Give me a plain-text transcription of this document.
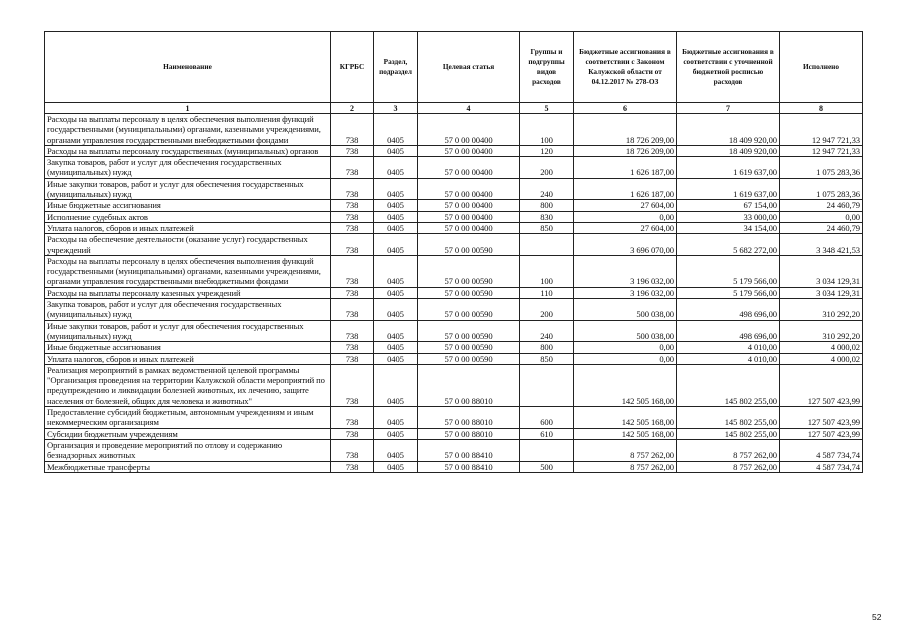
Наименование	КГРБС	Раздел, подраздел	Целевая статья	Группы и подгруппы видов расходов	Бюджетные ассигнования в соответствии с Законом Калужской области от 04.12.2017 № 278-ОЗ	Бюджетные ассигнования в соответствии с уточненной бюджетной росписью расходов	Исполнено
1	2	3	4	5	6	7	8
Расходы на выплаты персоналу в целях обеспечения выполнения функций государственными (муниципальными) органами, казенными учреждениями, органами управления государственными внебюджетными фондами	738	0405	57 0 00 00400	100	18 726 209,00	18 409 920,00	12 947 721,33
Расходы на выплаты персоналу государственных (муниципальных) органов	738	0405	57 0 00 00400	120	18 726 209,00	18 409 920,00	12 947 721,33
Закупка товаров, работ и услуг для обеспечения государственных (муниципальных) нужд	738	0405	57 0 00 00400	200	1 626 187,00	1 619 637,00	1 075 283,36
Иные закупки товаров, работ и услуг для обеспечения государственных (муниципальных) нужд	738	0405	57 0 00 00400	240	1 626 187,00	1 619 637,00	1 075 283,36
Иные бюджетные ассигнования	738	0405	57 0 00 00400	800	27 604,00	67 154,00	24 460,79
Исполнение судебных актов	738	0405	57 0 00 00400	830	0,00	33 000,00	0,00
Уплата налогов, сборов и иных платежей	738	0405	57 0 00 00400	850	27 604,00	34 154,00	24 460,79
Расходы на обеспечение деятельности (оказание услуг) государственных учреждений	738	0405	57 0 00 00590		3 696 070,00	5 682 272,00	3 348 421,53
Расходы на выплаты персоналу в целях обеспечения выполнения функций государственными (муниципальными) органами, казенными учреждениями, органами управления государственными внебюджетными фондами	738	0405	57 0 00 00590	100	3 196 032,00	5 179 566,00	3 034 129,31
Расходы на выплаты персоналу казенных учреждений	738	0405	57 0 00 00590	110	3 196 032,00	5 179 566,00	3 034 129,31
Закупка товаров, работ и услуг для обеспечения государственных (муниципальных) нужд	738	0405	57 0 00 00590	200	500 038,00	498 696,00	310 292,20
Иные закупки товаров, работ и услуг для обеспечения государственных (муниципальных) нужд	738	0405	57 0 00 00590	240	500 038,00	498 696,00	310 292,20
Иные бюджетные ассигнования	738	0405	57 0 00 00590	800	0,00	4 010,00	4 000,02
Уплата налогов, сборов и иных платежей	738	0405	57 0 00 00590	850	0,00	4 010,00	4 000,02
Реализация мероприятий в рамках ведомственной целевой программы "Организация проведения на территории Калужской области мероприятий по предупреждению и ликвидации болезней животных, их лечению, защите населения от болезней, общих для человека и животных"	738	0405	57 0 00 88010		142 505 168,00	145 802 255,00	127 507 423,99
Предоставление субсидий бюджетным, автономным учреждениям и иным некоммерческим организациям	738	0405	57 0 00 88010	600	142 505 168,00	145 802 255,00	127 507 423,99
Субсидии бюджетным учреждениям	738	0405	57 0 00 88010	610	142 505 168,00	145 802 255,00	127 507 423,99
Организация и проведение мероприятий по отлову и содержанию безнадзорных животных	738	0405	57 0 00 88410		8 757 262,00	8 757 262,00	4 587 734,74
Межбюджетные трансферты	738	0405	57 0 00 88410	500	8 757 262,00	8 757 262,00	4 587 734,74
52
